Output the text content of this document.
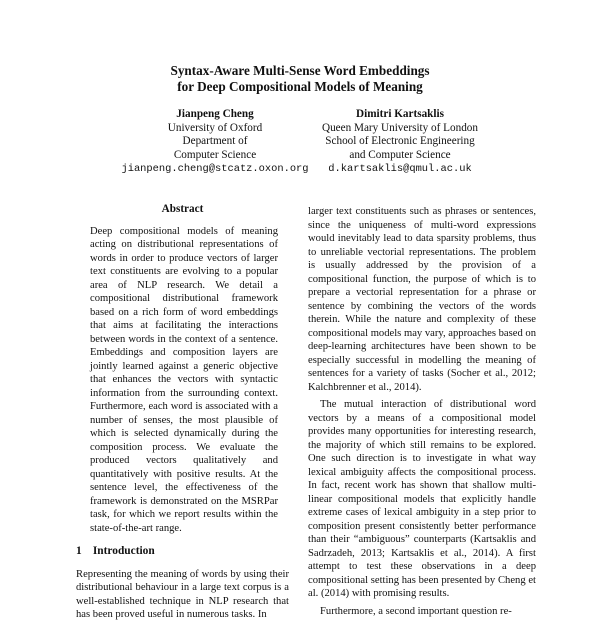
Syntax-Aware Multi-Sense Word Embeddings
for Deep Compositional Models of Meaning
Jianpeng Cheng
University of Oxford
Department of
Computer Science
jianpeng.cheng@stcatz.oxon.org
Dimitri Kartsaklis
Queen Mary University of London
School of Electronic Engineering
and Computer Science
d.kartsaklis@qmul.ac.uk
Abstract

Deep compositional models of meaning acting on distributional representations of words in order to produce vectors of larger text constituents are evolving to a popular area of NLP research. We detail a compositional distributional framework based on a rich form of word embeddings that aims at facilitating the interactions between words in the context of a sentence. Embeddings and composition layers are jointly learned against a generic objective that enhances the vectors with syntactic information from the surrounding context. Furthermore, each word is associated with a number of senses, the most plausible of which is selected dynamically during the composition process. We evaluate the produced vectors qualitatively and quantitatively with positive results. At the sentence level, the effectiveness of the framework is demonstrated on the MSRPar task, for which we report results within the state-of-the-art range.

1 Introduction

Representing the meaning of words by using their distributional behaviour in a large text corpus is a well-established technique in NLP research that has been proved useful in numerous tasks. In

larger text constituents such as phrases or sentences, since the uniqueness of multi-word expressions would inevitably lead to data sparsity problems, thus to unreliable vectorial representations. The problem is usually addressed by the provision of a compositional function, the purpose of which is to prepare a vectorial representation for a phrase or sentence by combining the vectors of the words therein. While the nature and complexity of these compositional models may vary, approaches based on deep-learning architectures have been shown to be especially successful in modelling the meaning of sentences for a variety of tasks (Socher et al., 2012; Kalchbrenner et al., 2014).

The mutual interaction of distributional word vectors by a means of a compositional model provides many opportunities for interesting research, the majority of which still remains to be explored. One such direction is to investigate in what way lexical ambiguity affects the compositional process. In fact, recent work has shown that shallow multi-linear compositional models that explicitly handle extreme cases of lexical ambiguity in a step prior to composition present consistently better performance than their “ambiguous” counterparts (Kartsaklis and Sadrzadeh, 2013; Kartsaklis et al., 2014). A first attempt to test these observations in a deep compositional setting has been presented by Cheng et al. (2014) with promising results.

Furthermore, a second important question re-
